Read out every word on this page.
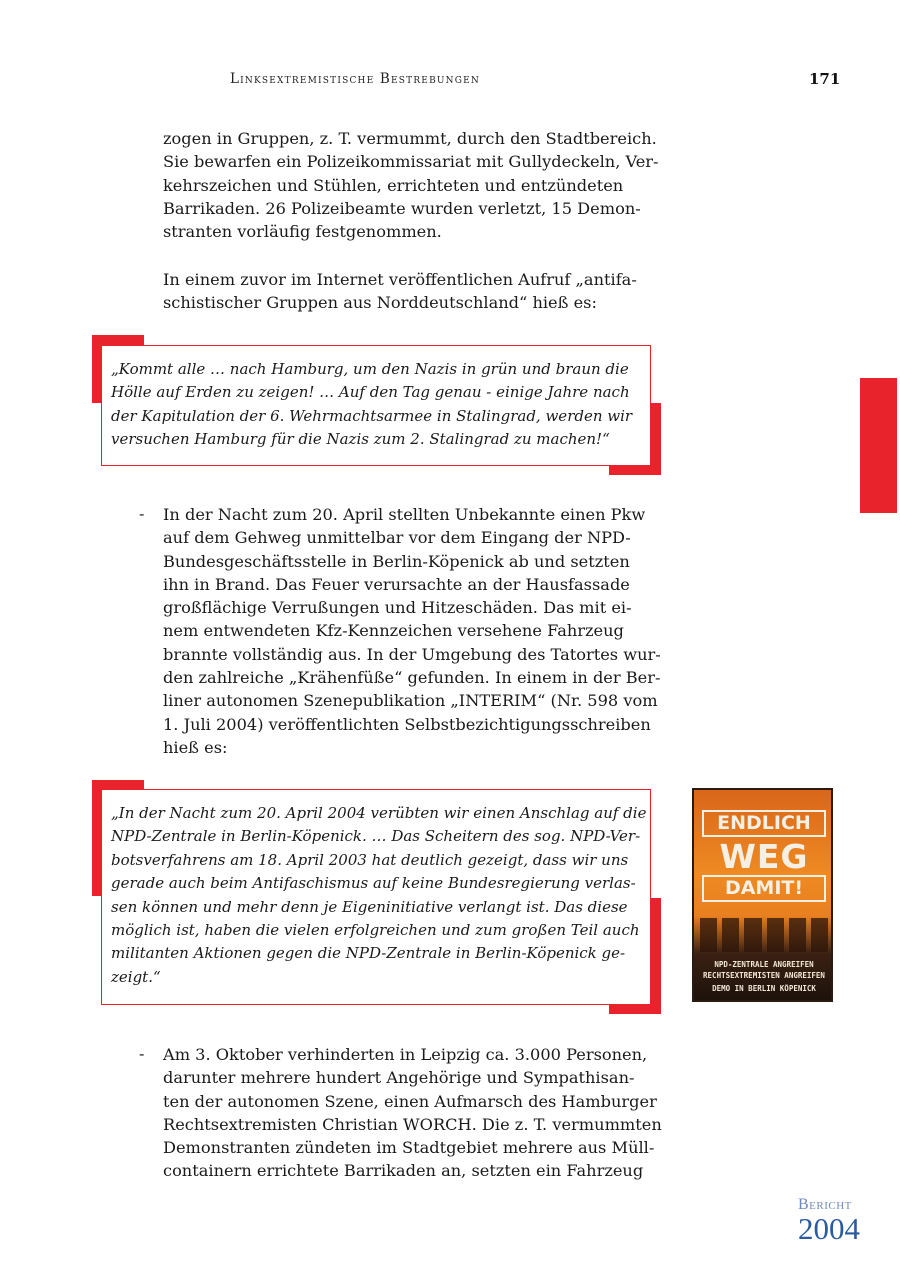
Linksextremistische Bestrebungen	171

zogen in Gruppen, z. T. vermummt, durch den Stadtbereich.
Sie bewarfen ein Polizeikommissariat mit Gullydeckeln, Ver-
kehrszeichen und Stühlen, errichteten und entzündeten
Barrikaden. 26 Polizeibeamte wurden verletzt, 15 Demon-
stranten vorläufig festgenommen.

In einem zuvor im Internet veröffentlichen Aufruf „antifa-
schistischer Gruppen aus Norddeutschland“ hieß es:

„Kommt alle … nach Hamburg, um den Nazis in grün und braun die
Hölle auf Erden zu zeigen! … Auf den Tag genau - einige Jahre nach
der Kapitulation der 6. Wehrmachtsarmee in Stalingrad, werden wir
versuchen Hamburg für die Nazis zum 2. Stalingrad zu machen!“
- In der Nacht zum 20. April stellten Unbekannte einen Pkw
auf dem Gehweg unmittelbar vor dem Eingang der NPD-
Bundesgeschäftsstelle in Berlin-Köpenick ab und setzten
ihn in Brand. Das Feuer verursachte an der Hausfassade
großflächige Verrußungen und Hitzeschäden. Das mit ei-
nem entwendeten Kfz-Kennzeichen versehene Fahrzeug
brannte vollständig aus. In der Umgebung des Tatortes wur-
den zahlreiche „Krähenfüße“ gefunden. In einem in der Ber-
liner autonomen Szenepublikation „INTERIM“ (Nr. 598 vom
1. Juli 2004) veröffentlichten Selbstbezichtigungsschreiben
hieß es:

„In der Nacht zum 20. April 2004 verübten wir einen Anschlag auf die
NPD-Zentrale in Berlin-Köpenick. … Das Scheitern des sog. NPD-Ver-
botsverfahrens am 18. April 2003 hat deutlich gezeigt, dass wir uns
gerade auch beim Antifaschismus auf keine Bundesregierung verlas-
sen können und mehr denn je Eigeninitiative verlangt ist. Das diese
möglich ist, haben die vielen erfolgreichen und zum großen Teil auch
militanten Aktionen gegen die NPD-Zentrale in Berlin-Köpenick ge-
zeigt.“
ENDLICH
WEG
DAMIT!
NPD-ZENTRALE ANGREIFEN
RECHTSEXTREMISTEN ANGREIFEN
DEMO IN BERLIN KÖPENICK
- Am 3. Oktober verhinderten in Leipzig ca. 3.000 Personen,
darunter mehrere hundert Angehörige und Sympathisan-
ten der autonomen Szene, einen Aufmarsch des Hamburger
Rechtsextremisten Christian WORCH. Die z. T. vermummten
Demonstranten zündeten im Stadtgebiet mehrere aus Müll-
containern errichtete Barrikaden an, setzten ein Fahrzeug

Bericht
2004
